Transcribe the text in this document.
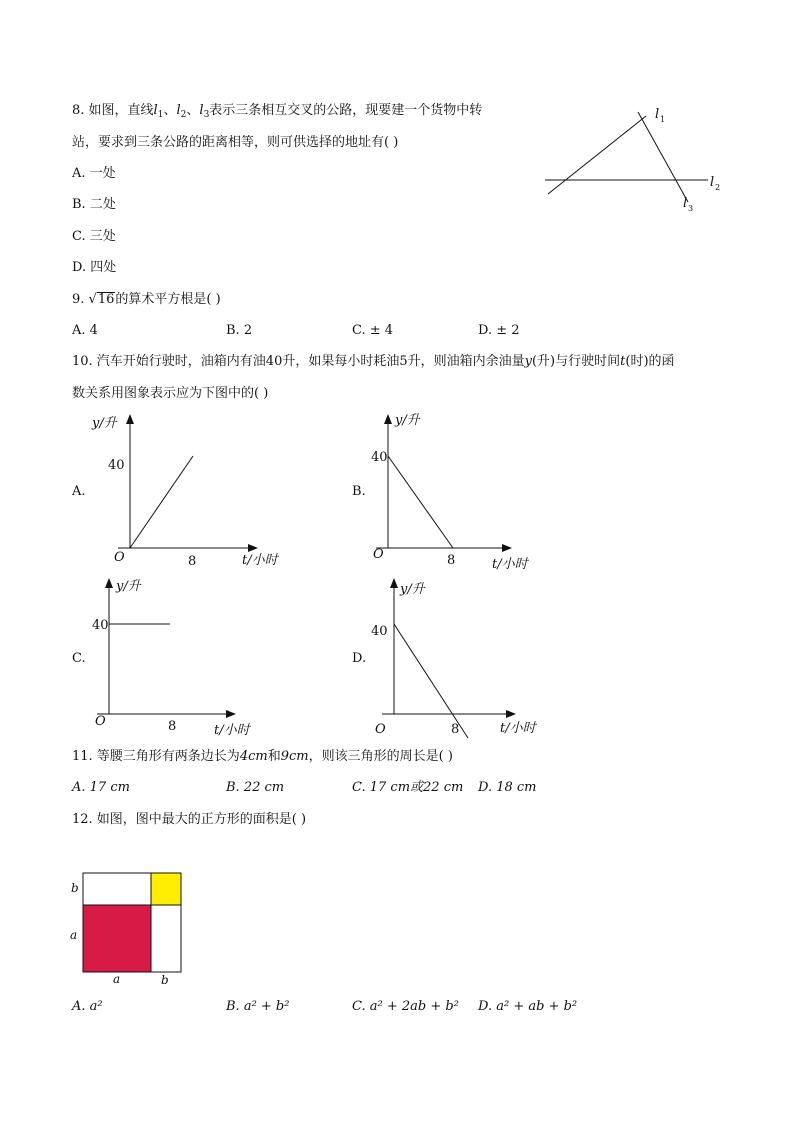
8. 如图，直线$l_1$、$l_2$、$l_3$表示三条相互交叉的公路，现要建一个货物中转
站，要求到三条公路的距离相等，则可供选择的地址有( )
A. 一处
B. 二处
C. 三处
D. 四处
l 1
l 2
l 3
9. √16的算术平方根是( )
A. 4	B. 2	C. ± 4	D. ± 2
10. 汽车开始行驶时，油箱内有油40升，如果每小时耗油5升，则油箱内余油量y(升)与行驶时间t(时)的函
数关系用图象表示应为下图中的( )
A.
y/升
40
O	8	t/小时
B.
y/升
40
O	8	t/小时
C.
y/升
40
O	8	t/小时
D.
y/升
40
O	8	t/小时
11. 等腰三角形有两条边长为4cm和9cm，则该三角形的周长是( )
A. 17 cm	B. 22 cm	C. 17 cm或22 cm D. 18 cm
12. 如图，图中最大的正方形的面积是( )
b
a
a	b
A. a²	B. a² + b²	C. a² + 2ab + b² D. a² + ab + b²
